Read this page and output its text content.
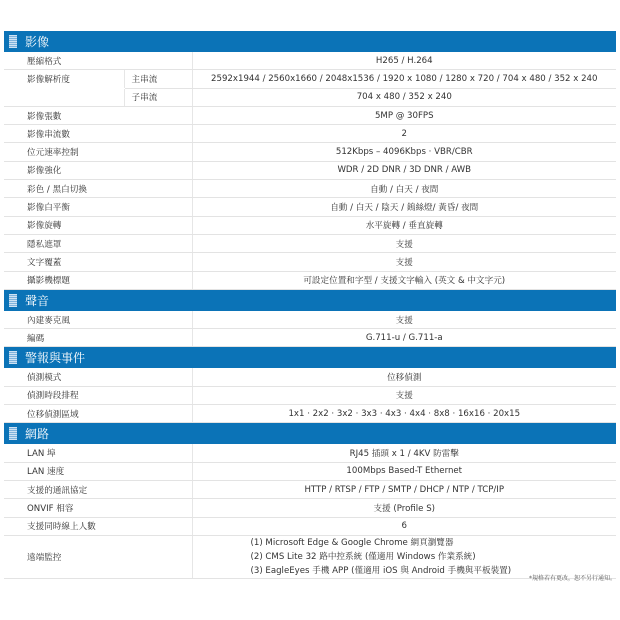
影像
壓縮格式		H265 / H.264
影像解析度	主串流	2592x1944 / 2560x1660 / 2048x1536 / 1920 x 1080 / 1280 x 720 / 704 x 480 / 352 x 240
	子串流	704 x 480 / 352 x 240
影像張數		5MP @ 30FPS
影像串流數		2
位元速率控制		512Kbps – 4096Kbps · VBR/CBR
影像強化		WDR / 2D DNR / 3D DNR / AWB
彩色 / 黑白切換		自動 / 白天 / 夜間
影像白平衡		自動 / 白天 / 陰天 / 鎢絲燈/ 黃昏/ 夜間
影像旋轉		水平旋轉 / 垂直旋轉
隱私遮罩		支援
文字覆蓋		支援
攝影機標題		可設定位置和字型 / 支援文字輸入 (英文 & 中文字元)
聲音
內建麥克風	支援
編碼	G.711-u / G.711-a
警報與事件
偵測模式	位移偵測
偵測時段排程	支援
位移偵測區域	1x1 · 2x2 · 3x2 · 3x3 · 4x3 · 4x4 · 8x8 · 16x16 · 20x15
網路
LAN 埠	RJ45 插頭 x 1 / 4KV 防雷擊
LAN 速度	100Mbps Based-T Ethernet
支援的通訊協定	HTTP / RTSP / FTP / SMTP / DHCP / NTP / TCP/IP
ONVIF 相容	支援 (Profile S)
支援同時線上人數	6
遠端監控	(1) Microsoft Edge & Google Chrome 網頁瀏覽器
(2) CMS Lite 32 路中控系統 (僅適用 Windows 作業系統)
(3) EagleEyes 手機 APP (僅適用 iOS 與 Android 手機與平板裝置)
*規格若有更改，恕不另行通知。
